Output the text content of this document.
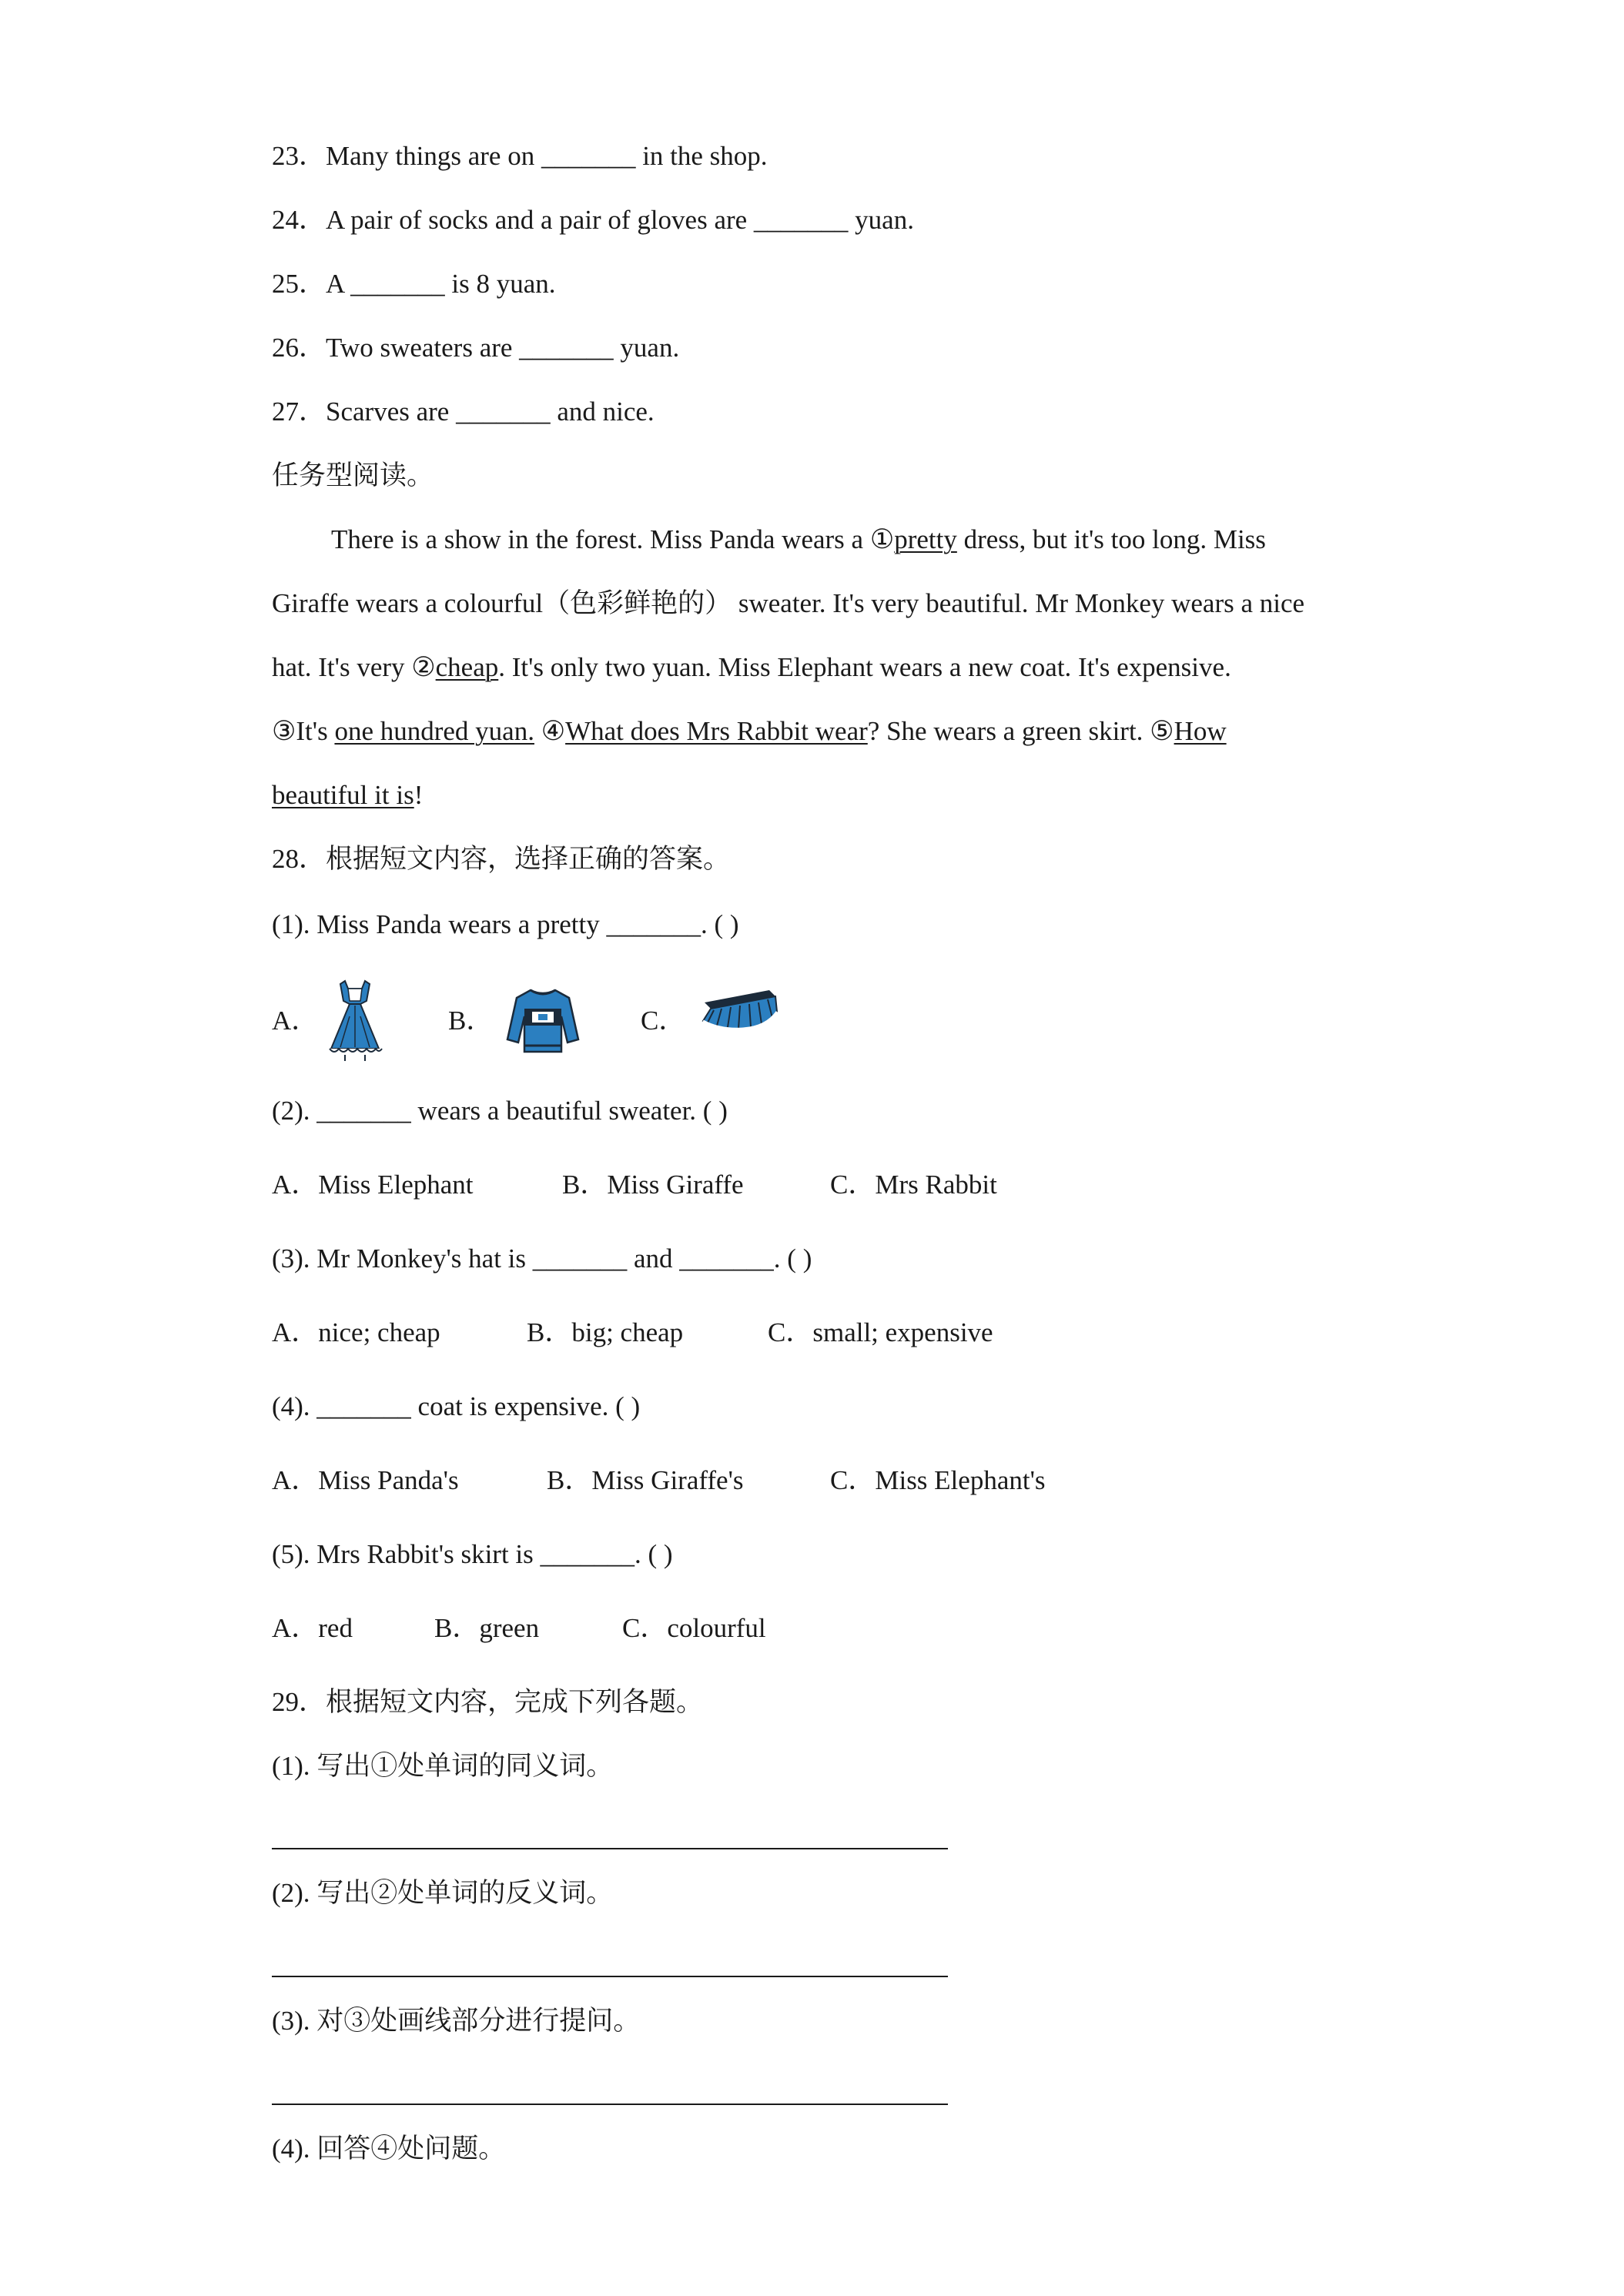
23．Many things are on _______ in the shop.
24．A pair of socks and a pair of gloves are _______ yuan.
25．A _______ is 8 yuan.
26．Two sweaters are _______ yuan.
27．Scarves are _______ and nice.
任务型阅读。
There is a show in the forest. Miss Panda wears a ①pretty dress, but it's too long. Miss
Giraffe wears a colourful（色彩鲜艳的） sweater. It's very beautiful. Mr Monkey wears a nice
hat. It's very ②cheap. It's only two yuan. Miss Elephant wears a new coat. It's expensive.
③It's one hundred yuan. ④What does Mrs Rabbit wear? She wears a green skirt. ⑤How
beautiful it is!
28．根据短文内容，选择正确的答案。
(1). Miss Panda wears a pretty _______. ( )
A．	B．	C．
(2). _______ wears a beautiful sweater. ( )
A．Miss Elephant	B．Miss Giraffe	C．Mrs Rabbit
(3). Mr Monkey's hat is _______ and _______. ( )
A．nice; cheap	B．big; cheap	C．small; expensive
(4). _______ coat is expensive. ( )
A．Miss Panda's	B．Miss Giraffe's	C．Miss Elephant's
(5). Mrs Rabbit's skirt is _______. ( )
A．red	B．green	C．colourful
29．根据短文内容，完成下列各题。
(1). 写出①处单词的同义词。
(2). 写出②处单词的反义词。
(3). 对③处画线部分进行提问。
(4). 回答④处问题。
